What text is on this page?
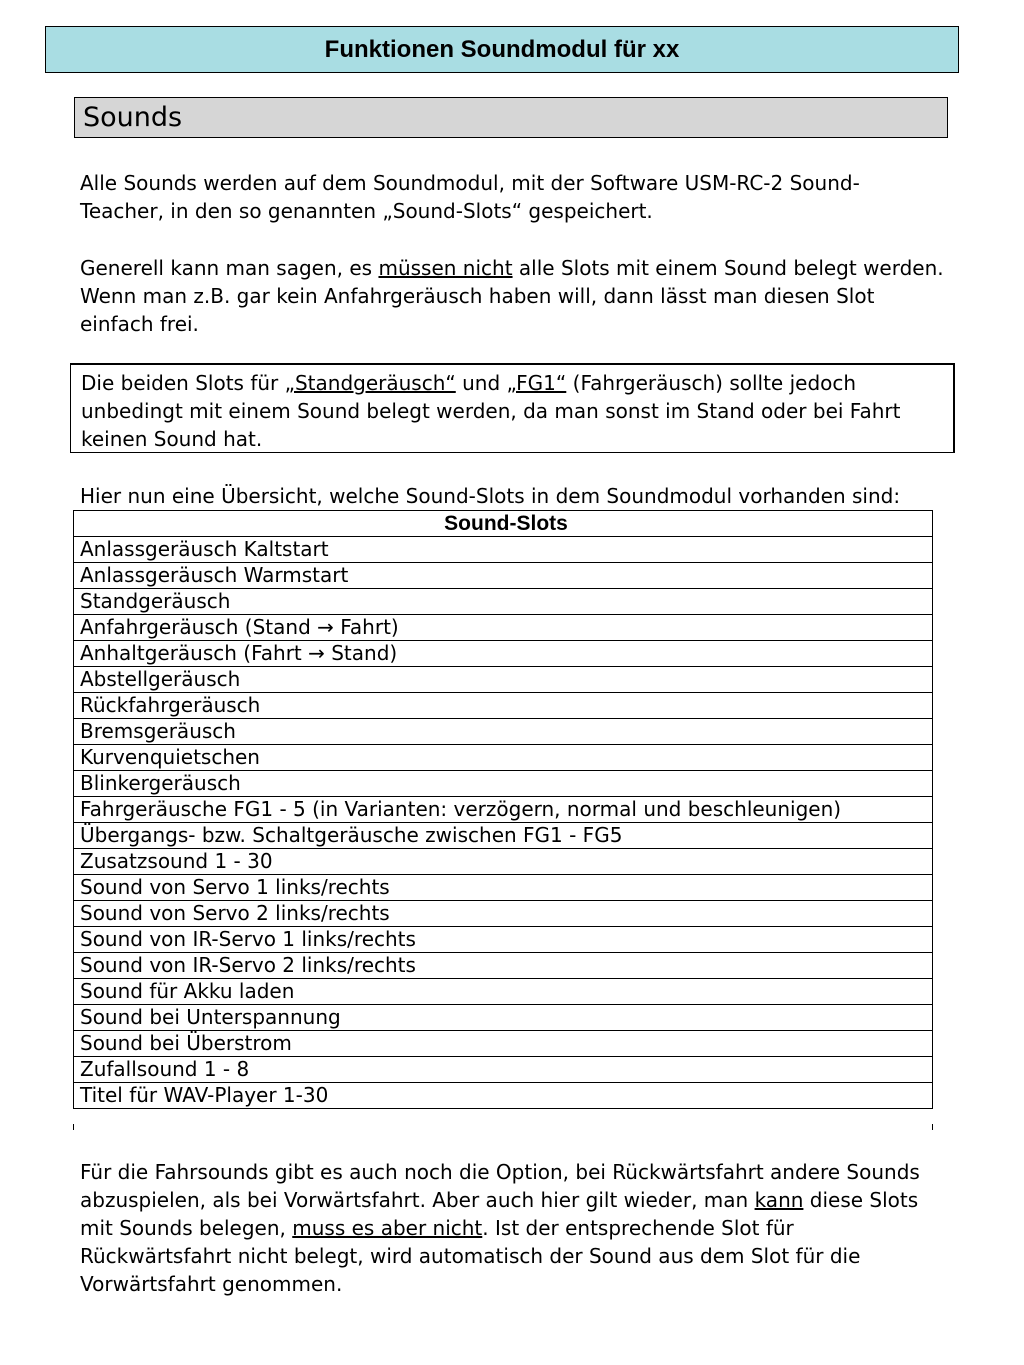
Funktionen Soundmodul für xx
Sounds
Alle Sounds werden auf dem Soundmodul, mit der Software USM-RC-2 Sound-
Teacher, in den so genannten „Sound-Slots“ gespeichert.
Generell kann man sagen, es müssen nicht alle Slots mit einem Sound belegt werden.
Wenn man z.B. gar kein Anfahrgeräusch haben will, dann lässt man diesen Slot
einfach frei.
Die beiden Slots für „Standgeräusch“ und „FG1“ (Fahrgeräusch) sollte jedoch
unbedingt mit einem Sound belegt werden, da man sonst im Stand oder bei Fahrt
keinen Sound hat.
Hier nun eine Übersicht, welche Sound-Slots in dem Soundmodul vorhanden sind:
Sound-Slots
Anlassgeräusch Kaltstart
Anlassgeräusch Warmstart
Standgeräusch
Anfahrgeräusch (Stand → Fahrt)
Anhaltgeräusch (Fahrt → Stand)
Abstellgeräusch
Rückfahrgeräusch
Bremsgeräusch
Kurvenquietschen
Blinkergeräusch
Fahrgeräusche FG1 - 5 (in Varianten: verzögern, normal und beschleunigen)
Übergangs- bzw. Schaltgeräusche zwischen FG1 - FG5
Zusatzsound 1 - 30
Sound von Servo 1 links/rechts
Sound von Servo 2 links/rechts
Sound von IR-Servo 1 links/rechts
Sound von IR-Servo 2 links/rechts
Sound für Akku laden
Sound bei Unterspannung
Sound bei Überstrom
Zufallsound 1 - 8
Titel für WAV-Player 1-30
Für die Fahrsounds gibt es auch noch die Option, bei Rückwärtsfahrt andere Sounds
abzuspielen, als bei Vorwärtsfahrt. Aber auch hier gilt wieder, man kann diese Slots
mit Sounds belegen, muss es aber nicht. Ist der entsprechende Slot für
Rückwärtsfahrt nicht belegt, wird automatisch der Sound aus dem Slot für die
Vorwärtsfahrt genommen.
